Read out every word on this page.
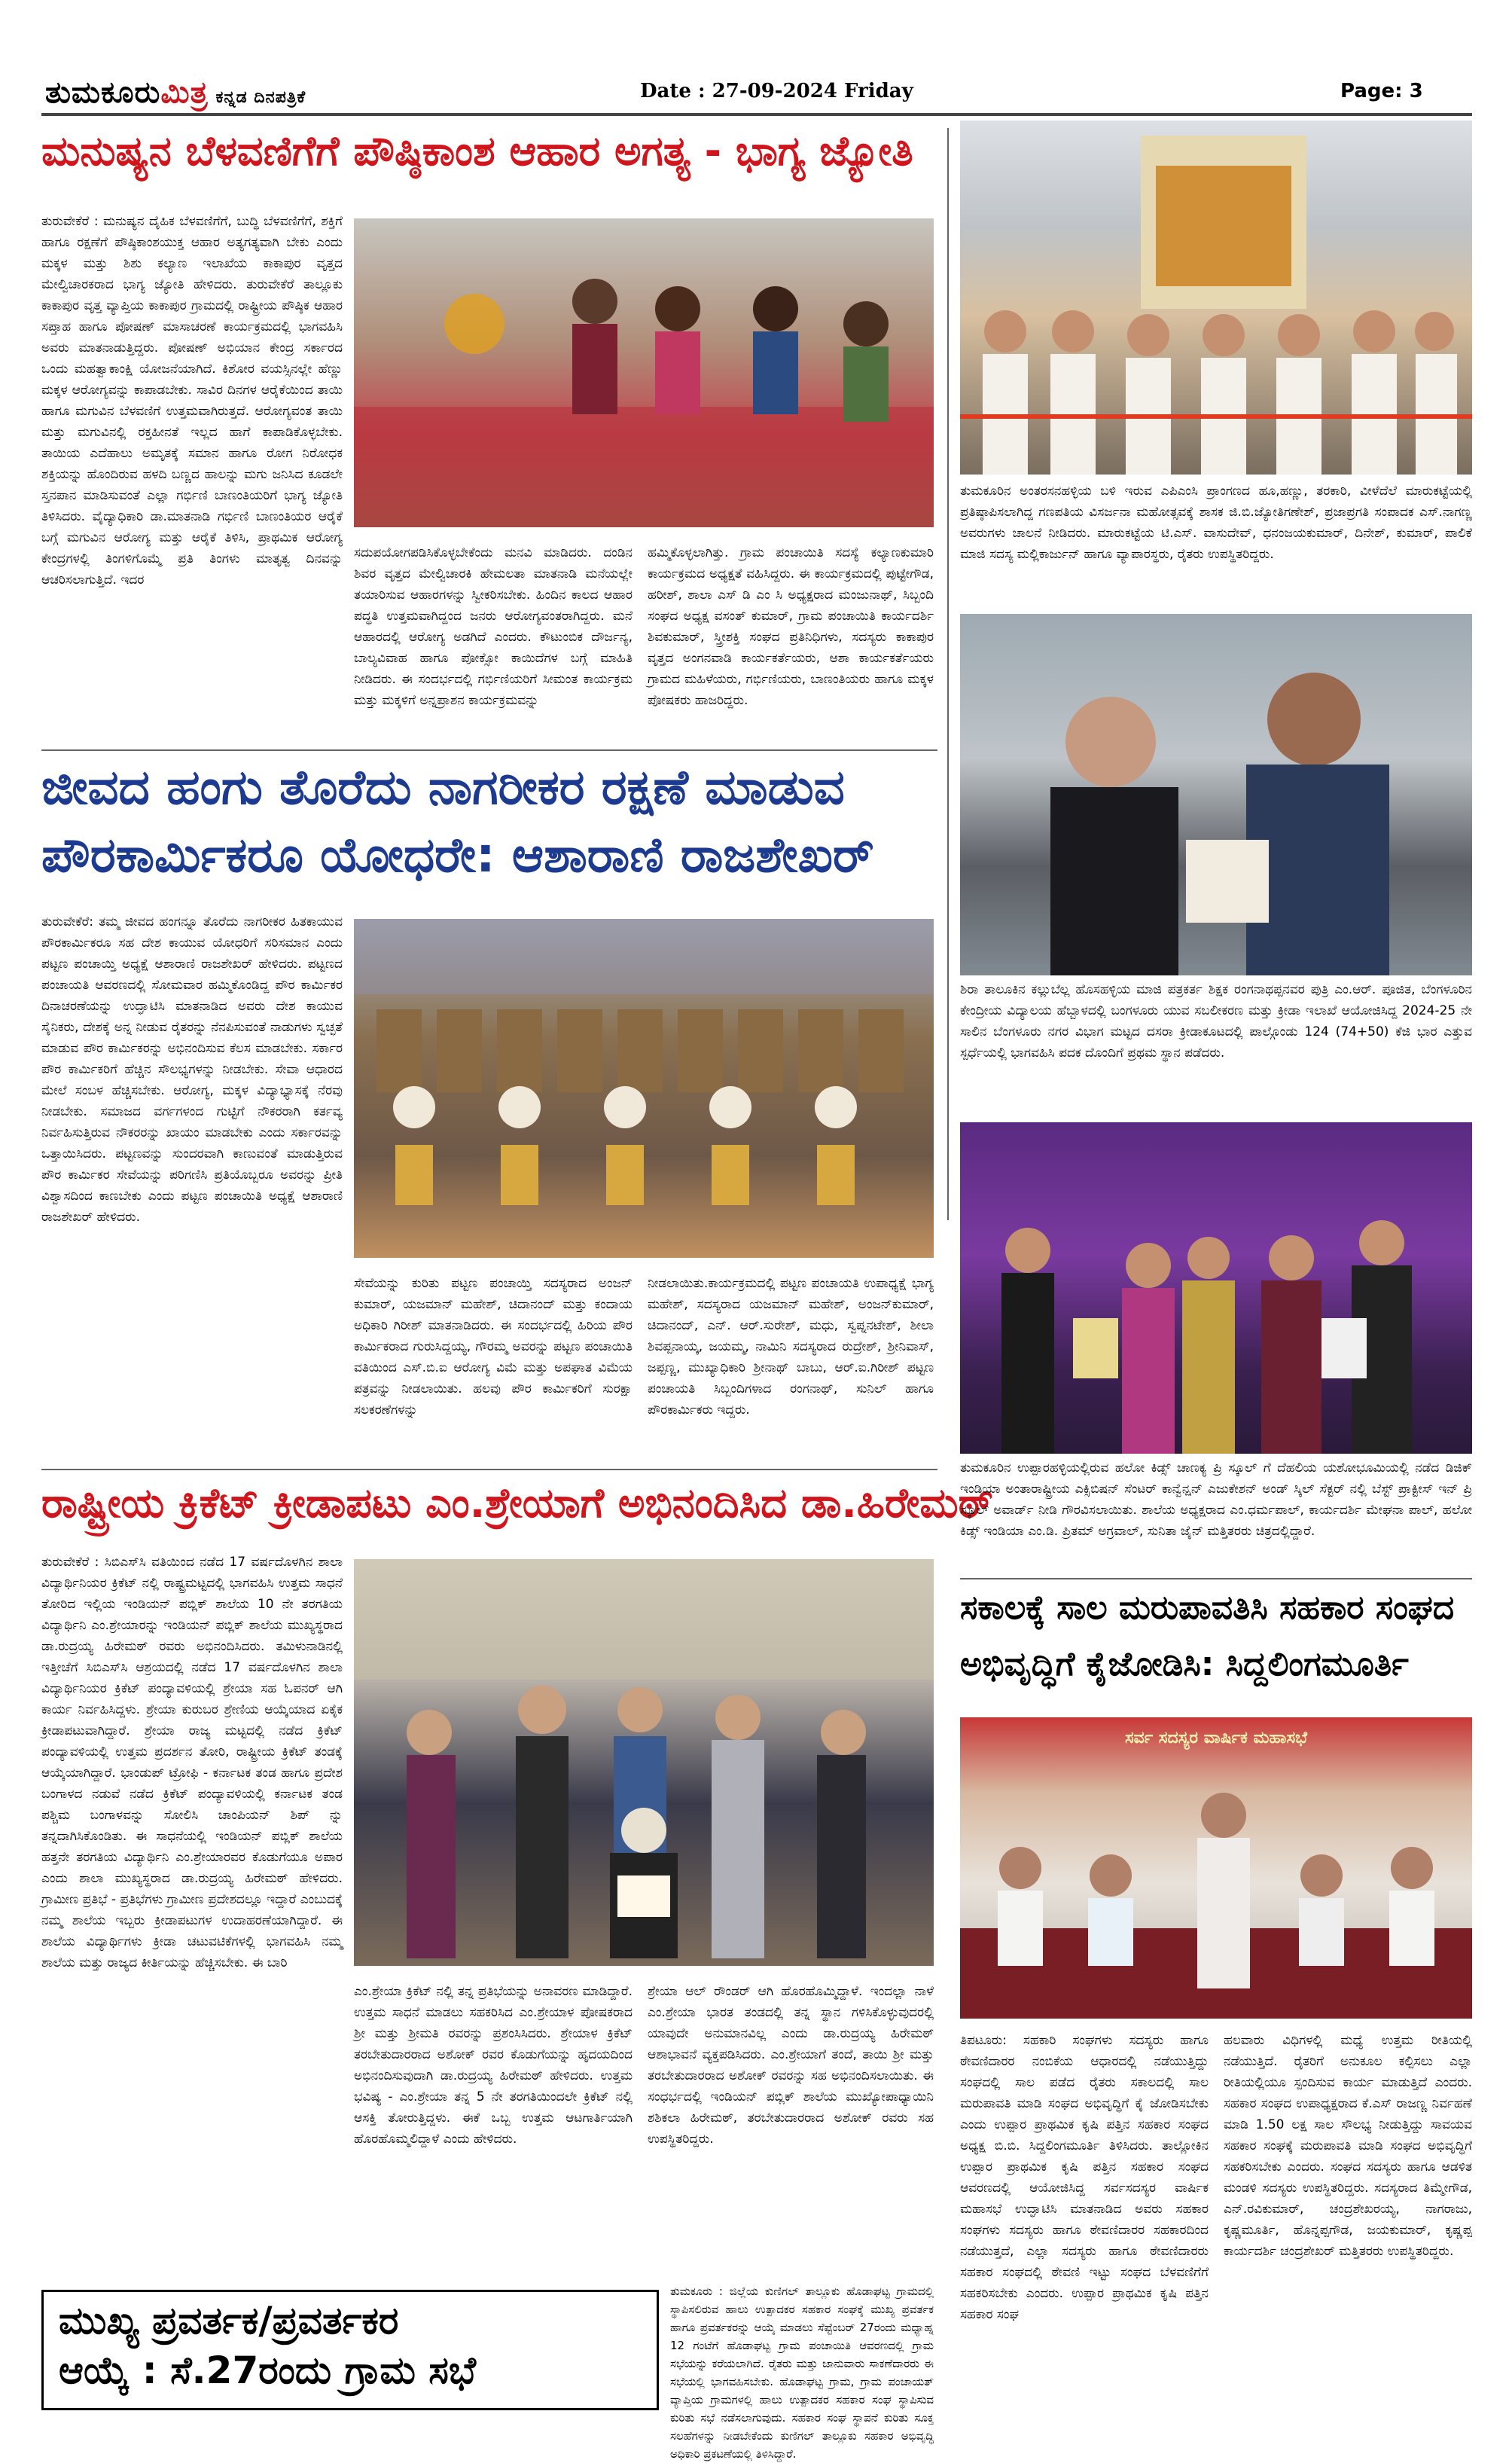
ತುಮಕೂರುಮಿತ್ರ ಕನ್ನಡ ದಿನಪತ್ರಿಕೆ	Date : 27-09-2024 Friday	Page: 3
ಮನುಷ್ಯನ ಬೆಳವಣಿಗೆಗೆ ಪೌಷ್ಠಿಕಾಂಶ ಆಹಾರ ಅಗತ್ಯ - ಭಾಗ್ಯ ಜ್ಯೋತಿ
ತುರುವೇಕೆರೆ : ಮನುಷ್ಯನ ದೈಹಿಕ ಬೆಳವಣಿಗೆಗೆ, ಬುದ್ಧಿ ಬೆಳವಣಿಗೆಗೆ, ಶಕ್ತಿಗೆ ಹಾಗೂ ರಕ್ಷಣೆಗೆ ಪೌಷ್ಠಿಕಾಂಶಯುಕ್ತ ಆಹಾರ ಅತ್ಯಗತ್ಯವಾಗಿ ಬೇಕು ಎಂದು ಮಕ್ಕಳ ಮತ್ತು ಶಿಶು ಕಲ್ಯಾಣ ಇಲಾಖೆಯ ಕಾಕಾಪುರ ವೃತ್ತದ ಮೇಲ್ವಿಚಾರಕರಾದ ಭಾಗ್ಯ ಜ್ಯೋತಿ ಹೇಳಿದರು. ತುರುವೇಕೆರೆ ತಾಲ್ಲೂಕು ಕಾಕಾಪುರ ವೃತ್ತ ವ್ಯಾಪ್ತಿಯ ಕಾಕಾಪುರ ಗ್ರಾಮದಲ್ಲಿ ರಾಷ್ಟ್ರೀಯ ಪೌಷ್ಠಿಕ ಆಹಾರ ಸಪ್ತಾಹ ಹಾಗೂ ಪೋಷಣ್ ಮಾಸಾಚರಣೆ ಕಾರ್ಯಕ್ರಮದಲ್ಲಿ ಭಾಗವಹಿಸಿ ಅವರು ಮಾತನಾಡುತ್ತಿದ್ದರು. ಪೋಷಣ್ ಅಭಿಯಾನ ಕೇಂದ್ರ ಸರ್ಕಾರದ ಒಂದು ಮಹತ್ವಾಕಾಂಕ್ಷಿ ಯೋಜನೆಯಾಗಿದೆ. ಕಿಶೋರ ವಯಸ್ಸಿನಲ್ಲೇ ಹೆಣ್ಣು ಮಕ್ಕಳ ಆರೋಗ್ಯವನ್ನು ಕಾಪಾಡಬೇಕು. ಸಾವಿರ ದಿನಗಳ ಆರೈಕೆಯಿಂದ ತಾಯಿ ಹಾಗೂ ಮಗುವಿನ ಬೆಳವಣಿಗೆ ಉತ್ತಮವಾಗಿರುತ್ತದೆ. ಆರೋಗ್ಯವಂತ ತಾಯಿ ಮತ್ತು ಮಗುವಿನಲ್ಲಿ ರಕ್ತಹೀನತೆ ಇಲ್ಲದ ಹಾಗೆ ಕಾಪಾಡಿಕೊಳ್ಳಬೇಕು. ತಾಯಿಯ ಎದೆಹಾಲು ಅಮೃತಕ್ಕೆ ಸಮಾನ ಹಾಗೂ ರೋಗ ನಿರೋಧಕ ಶಕ್ತಿಯನ್ನು ಹೊಂದಿರುವ ಹಳದಿ ಬಣ್ಣದ ಹಾಲನ್ನು ಮಗು ಜನಿಸಿದ ಕೂಡಲೇ ಸ್ತನಪಾನ ಮಾಡಿಸುವಂತೆ ಎಲ್ಲಾ ಗರ್ಭಿಣಿ ಬಾಣಂತಿಯರಿಗೆ ಭಾಗ್ಯ ಜ್ಯೋತಿ ತಿಳಿಸಿದರು. ವೈದ್ಯಾಧಿಕಾರಿ ಡಾ.ಮಾತನಾಡಿ ಗರ್ಭಿಣಿ ಬಾಣಂತಿಯರ ಆರೈಕೆ ಬಗ್ಗೆ ಮಗುವಿನ ಆರೋಗ್ಯ ಮತ್ತು ಆರೈಕೆ ತಿಳಿಸಿ, ಪ್ರಾಥಮಿಕ ಆರೋಗ್ಯ ಕೇಂದ್ರಗಳಲ್ಲಿ ತಿಂಗಳಿಗೊಮ್ಮೆ ಪ್ರತಿ ತಿಂಗಳು ಮಾತೃತ್ವ ದಿನವನ್ನು ಆಚರಿಸಲಾಗುತ್ತಿದೆ. ಇದರ
ಸದುಪಯೋಗಪಡಿಸಿಕೊಳ್ಳಬೇಕೆಂದು ಮನವಿ ಮಾಡಿದರು. ದಂಡಿನ ಶಿವರ ವೃತ್ತದ ಮೇಲ್ವಿಚಾರಕಿ ಹೇಮಲತಾ ಮಾತನಾಡಿ ಮನೆಯಲ್ಲೇ ತಯಾರಿಸುವ ಆಹಾರಗಳನ್ನು ಸ್ವೀಕರಿಸಬೇಕು. ಹಿಂದಿನ ಕಾಲದ ಆಹಾರ ಪದ್ಧತಿ ಉತ್ತಮವಾಗಿದ್ದಂದ ಜನರು ಆರೋಗ್ಯವಂತರಾಗಿದ್ದರು. ಮನೆ ಆಹಾರದಲ್ಲಿ ಆರೋಗ್ಯ ಅಡಗಿದೆ ಎಂದರು. ಕೌಟುಂಬಿಕ ದೌರ್ಜನ್ಯ, ಬಾಲ್ಯವಿವಾಹ ಹಾಗೂ ಪೋಕ್ಸೋ ಕಾಯಿದೆಗಳ ಬಗ್ಗೆ ಮಾಹಿತಿ ನೀಡಿದರು. ಈ ಸಂದರ್ಭದಲ್ಲಿ ಗರ್ಭಿಣಿಯರಿಗೆ ಸೀಮಂತ ಕಾರ್ಯಕ್ರಮ ಮತ್ತು ಮಕ್ಕಳಿಗೆ ಅನ್ನಪ್ರಾಶನ ಕಾರ್ಯಕ್ರಮವನ್ನು
ಹಮ್ಮಿಕೊಳ್ಳಲಾಗಿತ್ತು. ಗ್ರಾಮ ಪಂಚಾಯಿತಿ ಸದಸ್ಯೆ ಕಲ್ಯಾಣಕುಮಾರಿ ಕಾರ್ಯಕ್ರಮದ ಅಧ್ಯಕ್ಷತೆ ವಹಿಸಿದ್ದರು. ಈ ಕಾರ್ಯಕ್ರಮದಲ್ಲಿ ಪುಟ್ಟೇಗೌಡ, ಹರೀಶ್, ಶಾಲಾ ಎಸ್ ಡಿ ಎಂ ಸಿ ಅಧ್ಯಕ್ಷರಾದ ಮಂಜುನಾಥ್, ಸಿಬ್ಬಂದಿ ಸಂಘದ ಅಧ್ಯಕ್ಷ ವಸಂತ್ ಕುಮಾರ್, ಗ್ರಾಮ ಪಂಚಾಯಿತಿ ಕಾರ್ಯದರ್ಶಿ ಶಿವಕುಮಾರ್, ಸ್ತ್ರೀಶಕ್ತಿ ಸಂಘದ ಪ್ರತಿನಿಧಿಗಳು, ಸದಸ್ಯರು ಕಾಕಾಪುರ ವೃತ್ತದ ಅಂಗನವಾಡಿ ಕಾರ್ಯಕರ್ತೆಯರು, ಆಶಾ ಕಾರ್ಯಕರ್ತೆಯರು ಗ್ರಾಮದ ಮಹಿಳೆಯರು, ಗರ್ಭಿಣಿಯರು, ಬಾಣಂತಿಯರು ಹಾಗೂ ಮಕ್ಕಳ ಪೋಷಕರು ಹಾಜರಿದ್ದರು.
ಜೀವದ ಹಂಗು ತೊರೆದು ನಾಗರೀಕರ ರಕ್ಷಣೆ ಮಾಡುವ
ಪೌರಕಾರ್ಮಿಕರೂ ಯೋಧರೇ: ಆಶಾರಾಣಿ ರಾಜಶೇಖರ್
ತುರುವೇಕೆರೆ: ತಮ್ಮ ಜೀವದ ಹಂಗನ್ನೂ ತೊರೆದು ನಾಗರೀಕರ ಹಿತಕಾಯುವ ಪೌರಕಾರ್ಮಿಕರೂ ಸಹ ದೇಶ ಕಾಯುವ ಯೋಧರಿಗೆ ಸರಿಸಮಾನ ಎಂದು ಪಟ್ಟಣ ಪಂಚಾಯ್ತಿ ಅಧ್ಯಕ್ಷೆ ಆಶಾರಾಣಿ ರಾಜಶೇಖರ್ ಹೇಳಿದರು. ಪಟ್ಟಣದ ಪಂಚಾಯತಿ ಆವರಣದಲ್ಲಿ ಸೋಮವಾರ ಹಮ್ಮಿಕೊಂಡಿದ್ದ ಪೌರ ಕಾರ್ಮಿಕರ ದಿನಾಚರಣೆಯನ್ನು ಉದ್ಘಾಟಿಸಿ ಮಾತನಾಡಿದ ಅವರು ದೇಶ ಕಾಯುವ ಸೈನಿಕರು, ದೇಶಕ್ಕೆ ಅನ್ನ ನೀಡುವ ರೈತರನ್ನು ನೆನಪಿಸುವಂತೆ ನಾಡುಗಳು ಸ್ವಚ್ಛತೆ ಮಾಡುವ ಪೌರ ಕಾರ್ಮಿಕರನ್ನು ಅಭಿನಂದಿಸುವ ಕೆಲಸ ಮಾಡಬೇಕು. ಸರ್ಕಾರ ಪೌರ ಕಾರ್ಮಿಕರಿಗೆ ಹೆಚ್ಚಿನ ಸೌಲಭ್ಯಗಳನ್ನು ನೀಡಬೇಕು. ಸೇವಾ ಆಧಾರದ ಮೇಲೆ ಸಂಬಳ ಹೆಚ್ಚಿಸಬೇಕು. ಆರೋಗ್ಯ, ಮಕ್ಕಳ ವಿದ್ಯಾಭ್ಯಾಸಕ್ಕೆ ನೆರವು ನೀಡಬೇಕು. ಸಮಾಜದ ವರ್ಗಗಳಂದ ಗುಟ್ಟಿಗೆ ನೌಕರರಾಗಿ ಕರ್ತವ್ಯ ನಿರ್ವಹಿಸುತ್ತಿರುವ ನೌಕರರನ್ನು ಖಾಯಂ ಮಾಡಬೇಕು ಎಂದು ಸರ್ಕಾರವನ್ನು ಒತ್ತಾಯಿಸಿದರು. ಪಟ್ಟಣವನ್ನು ಸುಂದರವಾಗಿ ಕಾಣುವಂತೆ ಮಾಡುತ್ತಿರುವ ಪೌರ ಕಾರ್ಮಿಕರ ಸೇವೆಯನ್ನು ಪರಿಗಣಿಸಿ ಪ್ರತಿಯೊಬ್ಬರೂ ಅವರನ್ನು ಪ್ರೀತಿ ವಿಶ್ವಾಸದಿಂದ ಕಾಣಬೇಕು ಎಂದು ಪಟ್ಟಣ ಪಂಚಾಯಿತಿ ಅಧ್ಯಕ್ಷೆ ಆಶಾರಾಣಿ ರಾಜಶೇಖರ್ ಹೇಳಿದರು.
ಸೇವೆಯನ್ನು ಕುರಿತು ಪಟ್ಟಣ ಪಂಚಾಯ್ತಿ ಸದಸ್ಯರಾದ ಅಂಜನ್ ಕುಮಾರ್, ಯಜಮಾನ್ ಮಹೇಶ್, ಚಿದಾನಂದ್ ಮತ್ತು ಕಂದಾಯ ಅಧಿಕಾರಿ ಗಿರೀಶ್ ಮಾತನಾಡಿದರು. ಈ ಸಂದರ್ಭದಲ್ಲಿ ಹಿರಿಯ ಪೌರ ಕಾರ್ಮಿಕರಾದ ಗುರುಸಿದ್ದಯ್ಯ, ಗೌರಮ್ಮ ಅವರನ್ನು ಪಟ್ಟಣ ಪಂಚಾಯಿತಿ ವತಿಯಿಂದ ಎಸ್.ಬಿ.ಐ ಆರೋಗ್ಯ ವಿಮೆ ಮತ್ತು ಅಪಘಾತ ವಿಮೆಯ ಪತ್ರವನ್ನು ನೀಡಲಾಯಿತು. ಹಲವು ಪೌರ ಕಾರ್ಮಿಕರಿಗೆ ಸುರಕ್ಷಾ ಸಲಕರಣೆಗಳನ್ನು
ನೀಡಲಾಯಿತು.ಕಾರ್ಯಕ್ರಮದಲ್ಲಿ ಪಟ್ಟಣ ಪಂಚಾಯತಿ ಉಪಾಧ್ಯಕ್ಷೆ ಭಾಗ್ಯ ಮಹೇಶ್, ಸದಸ್ಯರಾದ ಯಜಮಾನ್ ಮಹೇಶ್, ಅಂಜನ್‌ಕುಮಾರ್, ಚಿದಾನಂದ್, ಎನ್. ಆರ್.ಸುರೇಶ್, ಮಧು, ಸ್ವಪ್ನನಟೇಶ್, ಶೀಲಾ ಶಿವಪ್ಪನಾಯ್ಕ, ಜಯಮ್ಮ, ನಾಮಿನಿ ಸದಸ್ಯರಾದ ರುದ್ರೇಶ್, ಶ್ರೀನಿವಾಸ್, ಜಪ್ಪಣ್ಣ, ಮುಖ್ಯಾಧಿಕಾರಿ ಶ್ರೀನಾಥ್ ಬಾಬು, ಆರ್.ಐ.ಗಿರೀಶ್ ಪಟ್ಟಣ ಪಂಚಾಯತಿ ಸಿಬ್ಬಂದಿಗಳಾದ ರಂಗನಾಥ್, ಸುನಿಲ್ ಹಾಗೂ ಪೌರಕಾರ್ಮಿಕರು ಇದ್ದರು.
ರಾಷ್ಟ್ರೀಯ ಕ್ರಿಕೆಟ್ ಕ್ರೀಡಾಪಟು ಎಂ.ಶ್ರೇಯಾಗೆ ಅಭಿನಂದಿಸಿದ ಡಾ.ಹಿರೇಮಠ್
ತುರುವೇಕೆರೆ : ಸಿಬಿಎಸ್‌ಸಿ ವತಿಯಿಂದ ನಡೆದ 17 ವರ್ಷದೊಳಗಿನ ಶಾಲಾ ವಿದ್ಯಾರ್ಥಿನಿಯರ ಕ್ರಿಕೆಟ್ ನಲ್ಲಿ ರಾಷ್ಟ್ರಮಟ್ಟದಲ್ಲಿ ಭಾಗವಹಿಸಿ ಉತ್ತಮ ಸಾಧನೆ ತೋರಿದ ಇಲ್ಲಿಯ ಇಂಡಿಯನ್ ಪಬ್ಲಿಕ್ ಶಾಲೆಯ 10 ನೇ ತರಗತಿಯ ವಿದ್ಯಾರ್ಥಿನಿ ಎಂ.ಶ್ರೇಯಾರನ್ನು ಇಂಡಿಯನ್ ಪಬ್ಲಿಕ್ ಶಾಲೆಯ ಮುಖ್ಯಸ್ಥರಾದ ಡಾ.ರುದ್ರಯ್ಯ ಹಿರೇಮಠ್ ರವರು ಅಭಿನಂದಿಸಿದರು. ತಮಿಳುನಾಡಿನಲ್ಲಿ ಇತ್ತೀಚೆಗೆ ಸಿಬಿಎಸ್‌ಸಿ ಆಶ್ರಯದಲ್ಲಿ ನಡೆದ 17 ವರ್ಷದೊಳಗಿನ ಶಾಲಾ ವಿದ್ಯಾರ್ಥಿನಿಯರ ಕ್ರಿಕೆಟ್ ಪಂದ್ಯಾವಳಿಯಲ್ಲಿ ಶ್ರೇಯಾ ಸಹ ಓಪನರ್ ಆಗಿ ಕಾರ್ಯ ನಿರ್ವಹಿಸಿದ್ದಳು. ಶ್ರೇಯಾ ಕುರುಬರ ಶ್ರೇಣಿಯ ಆಯ್ಕೆಯಾದ ಏಕೈಕ ಕ್ರೀಡಾಪಟುವಾಗಿದ್ದಾರೆ. ಶ್ರೇಯಾ ರಾಜ್ಯ ಮಟ್ಟದಲ್ಲಿ ನಡೆದ ಕ್ರಿಕೆಟ್ ಪಂದ್ಯಾವಳಿಯಲ್ಲಿ ಉತ್ತಮ ಪ್ರದರ್ಶನ ತೋರಿ, ರಾಷ್ಟ್ರೀಯ ಕ್ರಿಕೆಟ್ ತಂಡಕ್ಕೆ ಆಯ್ಕೆಯಾಗಿದ್ದಾರೆ. ಭಾಂಡುಪ್ ಟ್ರೋಫಿ - ಕರ್ನಾಟಕ ತಂಡ ಹಾಗೂ ಪ್ರದೇಶ ಬಂಗಾಳದ ನಡುವೆ ನಡೆದ ಕ್ರಿಕೆಟ್ ಪಂದ್ಯಾವಳಿಯಲ್ಲಿ ಕರ್ನಾಟಕ ತಂಡ ಪಶ್ಚಿಮ ಬಂಗಾಳವನ್ನು ಸೋಲಿಸಿ ಚಾಂಪಿಯನ್ ಶಿಪ್ ನ್ನು ತನ್ನದಾಗಿಸಿಕೊಂಡಿತು. ಈ ಸಾಧನೆಯಲ್ಲಿ ಇಂಡಿಯನ್ ಪಬ್ಲಿಕ್ ಶಾಲೆಯ ಹತ್ತನೇ ತರಗತಿಯ ವಿದ್ಯಾರ್ಥಿನಿ ಎಂ.ಶ್ರೇಯಾರವರ ಕೊಡುಗೆಯೂ ಅಪಾರ ಎಂದು ಶಾಲಾ ಮುಖ್ಯಸ್ಥರಾದ ಡಾ.ರುದ್ರಯ್ಯ ಹಿರೇಮಠ್ ಹೇಳಿದರು. ಗ್ರಾಮೀಣ ಪ್ರತಿಭೆ - ಪ್ರತಿಭೆಗಳು ಗ್ರಾಮೀಣ ಪ್ರದೇಶದಲ್ಲೂ ಇದ್ದಾರೆ ಎಂಬುದಕ್ಕೆ ನಮ್ಮ ಶಾಲೆಯ ಇಬ್ಬರು ಕ್ರೀಡಾಪಟುಗಳ ಉದಾಹರಣೆಯಾಗಿದ್ದಾರೆ. ಈ ಶಾಲೆಯ ವಿದ್ಯಾರ್ಥಿಗಳು ಕ್ರೀಡಾ ಚಟುವಟಿಕೆಗಳಲ್ಲಿ ಭಾಗವಹಿಸಿ ನಮ್ಮ ಶಾಲೆಯ ಮತ್ತು ರಾಜ್ಯದ ಕೀರ್ತಿಯನ್ನು ಹೆಚ್ಚಿಸಬೇಕು. ಈ ಬಾರಿ
ಎಂ.ಶ್ರೇಯಾ ಕ್ರಿಕೆಟ್ ನಲ್ಲಿ ತನ್ನ ಪ್ರತಿಭೆಯನ್ನು ಅನಾವರಣ ಮಾಡಿದ್ದಾರೆ. ಉತ್ತಮ ಸಾಧನೆ ಮಾಡಲು ಸಹಕರಿಸಿದ ಎಂ.ಶ್ರೇಯಾಳ ಪೋಷಕರಾದ ಶ್ರೀ ಮತ್ತು ಶ್ರೀಮತಿ ರವರನ್ನು ಪ್ರಶಂಸಿಸಿದರು. ಶ್ರೇಯಾಳ ಕ್ರಿಕೆಟ್ ತರಬೇತುದಾರರಾದ ಅಶೋಕ್ ರವರ ಕೊಡುಗೆಯನ್ನು ಹೃದಯದಿಂದ ಅಭಿನಂದಿಸುವುದಾಗಿ ಡಾ.ರುದ್ರಯ್ಯ ಹಿರೇಮಠ್ ಹೇಳಿದರು. ಉತ್ತಮ ಭವಿಷ್ಯ - ಎಂ.ಶ್ರೇಯಾ ತನ್ನ 5 ನೇ ತರಗತಿಯಿಂದಲೇ ಕ್ರಿಕೆಟ್ ನಲ್ಲಿ ಆಸಕ್ತಿ ತೋರುತ್ತಿದ್ದಳು. ಈಕೆ ಒಬ್ಬ ಉತ್ತಮ ಆಟಗಾರ್ತಿಯಾಗಿ ಹೊರಹೊಮ್ಮಲಿದ್ದಾಳೆ ಎಂದು ಹೇಳಿದರು.
ಶ್ರೇಯಾ ಆಲ್ ರೌಂಡರ್ ಆಗಿ ಹೊರಹೊಮ್ಮಿದ್ದಾಳೆ. ಇಂದಲ್ಲಾ ನಾಳೆ ಎಂ.ಶ್ರೇಯಾ ಭಾರತ ತಂಡದಲ್ಲಿ ತನ್ನ ಸ್ಥಾನ ಗಳಿಸಿಕೊಳ್ಳುವುದರಲ್ಲಿ ಯಾವುದೇ ಅನುಮಾನವಿಲ್ಲ ಎಂದು ಡಾ.ರುದ್ರಯ್ಯ ಹಿರೇಮಠ್ ಆಶಾಭಾವನೆ ವ್ಯಕ್ತಪಡಿಸಿದರು. ಎಂ.ಶ್ರೇಯಾಗೆ ತಂದೆ, ತಾಯಿ ಶ್ರೀ ಮತ್ತು ತರಬೇತುದಾರರಾದ ಅಶೋಕ್ ರವರನ್ನು ಸಹ ಅಭಿನಂದಿಸಲಾಯಿತು. ಈ ಸಂಧರ್ಭದಲ್ಲಿ ಇಂಡಿಯನ್ ಪಬ್ಲಿಕ್ ಶಾಲೆಯ ಮುಖ್ಯೋಪಾಧ್ಯಾಯಿನಿ ಶಶಿಕಲಾ ಹಿರೇಮಠ್, ತರಬೇತುದಾರರಾದ ಅಶೋಕ್ ರವರು ಸಹ ಉಪಸ್ಥಿತರಿದ್ದರು.
ಮುಖ್ಯ ಪ್ರವರ್ತಕ/ಪ್ರವರ್ತಕರ
ಆಯ್ಕೆ : ಸೆ.27ರಂದು ಗ್ರಾಮ ಸಭೆ
ತುಮಕೂರು : ಜಿಲ್ಲೆಯ ಕುಣಿಗಲ್ ತಾಲ್ಲೂಕು ಹೊಡಾಘಟ್ಟ ಗ್ರಾಮದಲ್ಲಿ ಸ್ಥಾಪಿಸಲಿರುವ ಹಾಲು ಉತ್ಪಾದಕರ ಸಹಕಾರ ಸಂಘಕ್ಕೆ ಮುಖ್ಯ ಪ್ರವರ್ತಕ ಹಾಗೂ ಪ್ರವರ್ತಕರನ್ನು ಆಯ್ಕೆ ಮಾಡಲು ಸೆಪ್ಟೆಂಬರ್ 27ರಂದು ಮಧ್ಯಾಹ್ನ 12 ಗಂಟೆಗೆ ಹೊಡಾಘಟ್ಟ ಗ್ರಾಮ ಪಂಚಾಯಿತಿ ಆವರಣದಲ್ಲಿ ಗ್ರಾಮ ಸಭೆಯನ್ನು ಕರೆಯಲಾಗಿದೆ. ರೈತರು ಮತ್ತು ಜಾನುವಾರು ಸಾಕಣೆದಾರರು ಈ ಸಭೆಯಲ್ಲಿ ಭಾಗವಹಿಸಬೇಕು. ಹೊಡಾಘಟ್ಟ ಗ್ರಾಮ, ಗ್ರಾಮ ಪಂಚಾಯತ್ ವ್ಯಾಪ್ತಿಯ ಗ್ರಾಮಗಳಲ್ಲಿ ಹಾಲು ಉತ್ಪಾದಕರ ಸಹಕಾರ ಸಂಘ ಸ್ಥಾಪಿಸುವ ಕುರಿತು ಸಭೆ ನಡೆಸಲಾಗುವುದು. ಸಹಕಾರ ಸಂಘ ಸ್ಥಾಪನೆ ಕುರಿತು ಸೂಕ್ತ ಸಲಹೆಗಳನ್ನು ನೀಡಬೇಕೆಂದು ಕುಣಿಗಲ್ ತಾಲ್ಲೂಕು ಸಹಕಾರ ಅಭಿವೃದ್ಧಿ ಅಧಿಕಾರಿ ಪ್ರಕಟಣೆಯಲ್ಲಿ ತಿಳಿಸಿದ್ದಾರೆ.
ತುಮಕೂರಿನ ಅಂತರಸನಹಳ್ಳಿಯ ಬಳಿ ಇರುವ ಎಪಿಎಂಸಿ ಪ್ರಾಂಗಣದ ಹೂ,ಹಣ್ಣು, ತರಕಾರಿ, ವೀಳೆದೆಲೆ ಮಾರುಕಟ್ಟೆಯಲ್ಲಿ ಪ್ರತಿಷ್ಠಾಪಿಸಲಾಗಿದ್ದ ಗಣಪತಿಯ ವಿಸರ್ಜನಾ ಮಹೋತ್ಸವಕ್ಕೆ ಶಾಸಕ ಜಿ.ಬಿ.ಜ್ಯೋತಿಗಣೇಶ್, ಪ್ರಜಾಪ್ರಗತಿ ಸಂಪಾದಕ ಎಸ್.ನಾಗಣ್ಣ ಅವರುಗಳು ಚಾಲನೆ ನೀಡಿದರು. ಮಾರುಕಟ್ಟೆಯ ಟಿ.ಎಸ್. ವಾಸುದೇವ್, ಧನಂಜಯಕುಮಾರ್, ದಿನೇಶ್, ಕುಮಾರ್, ಪಾಲಿಕೆ ಮಾಜಿ ಸದಸ್ಯ ಮಲ್ಲಿಕಾರ್ಜುನ್ ಹಾಗೂ ವ್ಯಾಪಾರಸ್ಥರು, ರೈತರು ಉಪಸ್ಥಿತರಿದ್ದರು.
ಶಿರಾ ತಾಲೂಕಿನ ಕಲ್ಲುಬೆಲ್ಲ ಹೊಸಹಳ್ಳಿಯ ಮಾಜಿ ಪತ್ರಕರ್ತ ಶಿಕ್ಷಕ ರಂಗನಾಥಪ್ಪನವರ ಪುತ್ರಿ ಎಂ.ಆರ್. ಪೂಜಿತ, ಬೆಂಗಳೂರಿನ ಕೇಂದ್ರೀಯ ವಿದ್ಯಾಲಯ ಹೆಬ್ಬಾಳದಲ್ಲಿ ಬಂಗಳೂರು ಯುವ ಸಬಲೀಕರಣ ಮತ್ತು ಕ್ರೀಡಾ ಇಲಾಖೆ ಆಯೋಜಿಸಿದ್ದ 2024-25 ನೇ ಸಾಲಿನ ಬೆಂಗಳೂರು ನಗರ ವಿಭಾಗ ಮಟ್ಟದ ದಸರಾ ಕ್ರೀಡಾಕೂಟದಲ್ಲಿ ಪಾಲ್ಗೊಂಡು 124 (74+50) ಕೆಜಿ ಭಾರ ಎತ್ತುವ ಸ್ಪರ್ಧೆಯಲ್ಲಿ ಭಾಗವಹಿಸಿ ಪದಕ ದೊಂದಿಗೆ ಪ್ರಥಮ ಸ್ಥಾನ ಪಡೆದರು.
ತುಮಕೂರಿನ ಉಪ್ಪಾರಹಳ್ಳಿಯಲ್ಲಿರುವ ಹಲೋ ಕಿಡ್ಸ್ ಚಾಣಕ್ಯ ಪ್ರಿ ಸ್ಕೂಲ್ ಗೆ ದೆಹಲಿಯ ಯಶೋಭೂಮಿಯಲ್ಲಿ ನಡೆದ ಡಿಜಿಕ್ ಇಂಡಿಯಾ ಅಂತಾರಾಷ್ಟ್ರೀಯ ಎಕ್ಸಿಬಿಷನ್ ಸೆಂಟರ್ ಕಾನ್ವೆನ್ಷನ್ ಎಜುಕೇಶನ್ ಅಂಡ್ ಸ್ಕಿಲ್ ಸೆಕ್ಟರ್ ನಲ್ಲಿ ಬೆಸ್ಟ್ ಪ್ರಾಕ್ಟೀಸ್ ಇನ್ ಪ್ರಿ ಸ್ಕೂಲ್ ಅವಾರ್ಡ್ ನೀಡಿ ಗೌರವಿಸಲಾಯಿತು. ಶಾಲೆಯ ಅಧ್ಯಕ್ಷರಾದ ಎಂ.ಧರ್ಮಪಾಲ್, ಕಾರ್ಯದರ್ಶಿ ಮೇಘನಾ ಪಾಲ್, ಹಲೋ ಕಿಡ್ಸ್ ಇಂಡಿಯಾ ಎಂ.ಡಿ. ಪ್ರಿತಮ್ ಅಗ್ರವಾಲ್, ಸುನಿತಾ ಜೈನ್ ಮತ್ತಿತರರು ಚಿತ್ರದಲ್ಲಿದ್ದಾರೆ.
ಸಕಾಲಕ್ಕೆ ಸಾಲ ಮರುಪಾವತಿಸಿ ಸಹಕಾರ ಸಂಘದ
ಅಭಿವೃದ್ಧಿಗೆ ಕೈಜೋಡಿಸಿ: ಸಿದ್ದಲಿಂಗಮೂರ್ತಿ
ಸರ್ವ ಸದಸ್ಯರ ವಾರ್ಷಿಕ ಮಹಾಸಭೆ
ತಿಪಟೂರು: ಸಹಕಾರಿ ಸಂಘಗಳು ಸದಸ್ಯರು ಹಾಗೂ ಠೇವಣಿದಾರರ ನಂಬಿಕೆಯ ಆಧಾರದಲ್ಲಿ ನಡೆಯುತ್ತಿದ್ದು ಸಂಘದಲ್ಲಿ ಸಾಲ ಪಡೆದ ರೈತರು ಸಕಾಲದಲ್ಲಿ ಸಾಲ ಮರುಪಾವತಿ ಮಾಡಿ ಸಂಘದ ಅಭಿವೃದ್ಧಿಗೆ ಕೈ ಜೋಡಿಸಬೇಕು ಎಂದು ಉಪ್ಪಾರ ಪ್ರಾಥಮಿಕ ಕೃಷಿ ಪತ್ತಿನ ಸಹಕಾರ ಸಂಘದ ಅಧ್ಯಕ್ಷ ಬಿ.ಬಿ. ಸಿದ್ದಲಿಂಗಮೂರ್ತಿ ತಿಳಿಸಿದರು. ತಾಲ್ಲೋಕಿನ ಉಪ್ಪಾರ ಪ್ರಾಥಮಿಕ ಕೃಷಿ ಪತ್ತಿನ ಸಹಕಾರ ಸಂಘದ ಆವರಣದಲ್ಲಿ ಆಯೋಜಿಸಿದ್ದ ಸರ್ವಸದಸ್ಯರ ವಾರ್ಷಿಕ ಮಹಾಸಭೆ ಉದ್ಘಾಟಿಸಿ ಮಾತನಾಡಿದ ಅವರು ಸಹಕಾರ ಸಂಘಗಳು ಸದಸ್ಯರು ಹಾಗೂ ಠೇವಣಿದಾರರ ಸಹಕಾರದಿಂದ ನಡೆಯುತ್ತದೆ, ಎಲ್ಲಾ ಸದಸ್ಯರು ಹಾಗೂ ಠೇವಣಿದಾರರು ಸಹಕಾರ ಸಂಘದಲ್ಲಿ ಠೇವಣಿ ಇಟ್ಟು ಸಂಘದ ಬೆಳವಣಿಗೆಗೆ ಸಹಕರಿಸಬೇಕು ಎಂದರು. ಉಪ್ಪಾರ ಪ್ರಾಥಮಿಕ ಕೃಷಿ ಪತ್ತಿನ ಸಹಕಾರ ಸಂಘ
ಹಲವಾರು ವಿಧಿಗಳಲ್ಲಿ ಮಧ್ಯೆ ಉತ್ತಮ ರೀತಿಯಲ್ಲಿ ನಡೆಯುತ್ತಿದೆ. ರೈತರಿಗೆ ಅನುಕೂಲ ಕಲ್ಪಿಸಲು ಎಲ್ಲಾ ರೀತಿಯಲ್ಲಿಯೂ ಸ್ಪಂದಿಸುವ ಕಾರ್ಯ ಮಾಡುತ್ತಿದೆ ಎಂದರು. ಸಹಕಾರ ಸಂಘದ ಉಪಾಧ್ಯಕ್ಷರಾದ ಕೆ.ಎಸ್ ರಾಜಣ್ಣ ನಿರ್ವಹಣೆ ಮಾಡಿ 1.50 ಲಕ್ಷ ಸಾಲ ಸೌಲಭ್ಯ ನೀಡುತ್ತಿದ್ದು ಸಾವಯವ ಸಹಕಾರ ಸಂಘಕ್ಕೆ ಮರುಪಾವತಿ ಮಾಡಿ ಸಂಘದ ಅಭಿವೃದ್ಧಿಗೆ ಸಹಕರಿಸಬೇಕು ಎಂದರು. ಸಂಘದ ಸದಸ್ಯರು ಹಾಗೂ ಆಡಳಿತ ಮಂಡಳಿ ಸದಸ್ಯರು ಉಪಸ್ಥಿತರಿದ್ದರು. ಸದಸ್ಯರಾದ ತಿಮ್ಮೇಗೌಡ, ಎನ್.ರವಿಕುಮಾರ್, ಚಂದ್ರಶೇಖರಯ್ಯ, ನಾಗರಾಜು, ಕೃಷ್ಣಮೂರ್ತಿ, ಹೊನ್ನಪ್ಪಗೌಡ, ಜಯಕುಮಾರ್, ಕೃಷ್ಣಪ್ಪ ಕಾರ್ಯದರ್ಶಿ ಚಂದ್ರಶೇಖರ್ ಮತ್ತಿತರರು ಉಪಸ್ಥಿತರಿದ್ದರು.
